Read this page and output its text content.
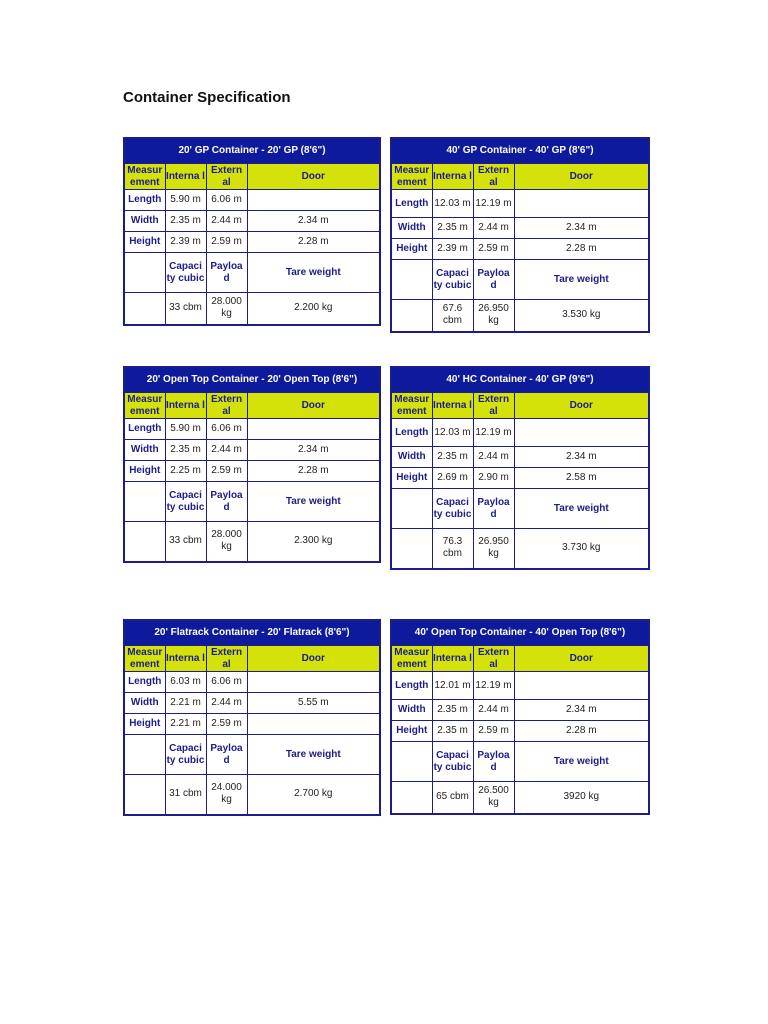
Container Specification
20' GP Container - 20' GP (8'6")			
Measur ement	Interna l	Extern al	Door
Length	5.90 m	6.06 m	
Width	2.35 m	2.44 m	2.34 m
Height	2.39 m	2.59 m	2.28 m
	Capaci ty cubic	Payloa d	Tare weight
	33 cbm	28.000 kg	2.200 kg
40' GP Container - 40' GP (8'6")			
Measur ement	Interna l	Extern al	Door
Length	12.03 m	12.19 m	
Width	2.35 m	2.44 m	2.34 m
Height	2.39 m	2.59 m	2.28 m
	Capaci ty cubic	Payloa d	Tare weight
	67.6 cbm	26.950 kg	3.530 kg
20' Open Top Container - 20' Open Top (8'6")			
Measur ement	Interna l	Extern al	Door
Length	5.90 m	6.06 m	
Width	2.35 m	2.44 m	2.34 m
Height	2.25 m	2.59 m	2.28 m
	Capaci ty cubic	Payloa d	Tare weight
	33 cbm	28.000 kg	2.300 kg
40' HC Container - 40' GP (9'6")			
Measur ement	Interna l	Extern al	Door
Length	12.03 m	12.19 m	
Width	2.35 m	2.44 m	2.34 m
Height	2.69 m	2.90 m	2.58 m
	Capaci ty cubic	Payloa d	Tare weight
	76.3 cbm	26.950 kg	3.730 kg
20' Flatrack Container - 20' Flatrack (8'6")			
Measur ement	Interna l	Extern al	Door
Length	6.03 m	6.06 m	
Width	2.21 m	2.44 m	5.55 m
Height	2.21 m	2.59 m	
	Capaci ty cubic	Payloa d	Tare weight
	31 cbm	24.000 kg	2.700 kg
40' Open Top Container - 40' Open Top (8'6")			
Measur ement	Interna l	Extern al	Door
Length	12.01 m	12.19 m	
Width	2.35 m	2.44 m	2.34 m
Height	2.35 m	2.59 m	2.28 m
	Capaci ty cubic	Payloa d	Tare weight
	65 cbm	26.500 kg	3920 kg
